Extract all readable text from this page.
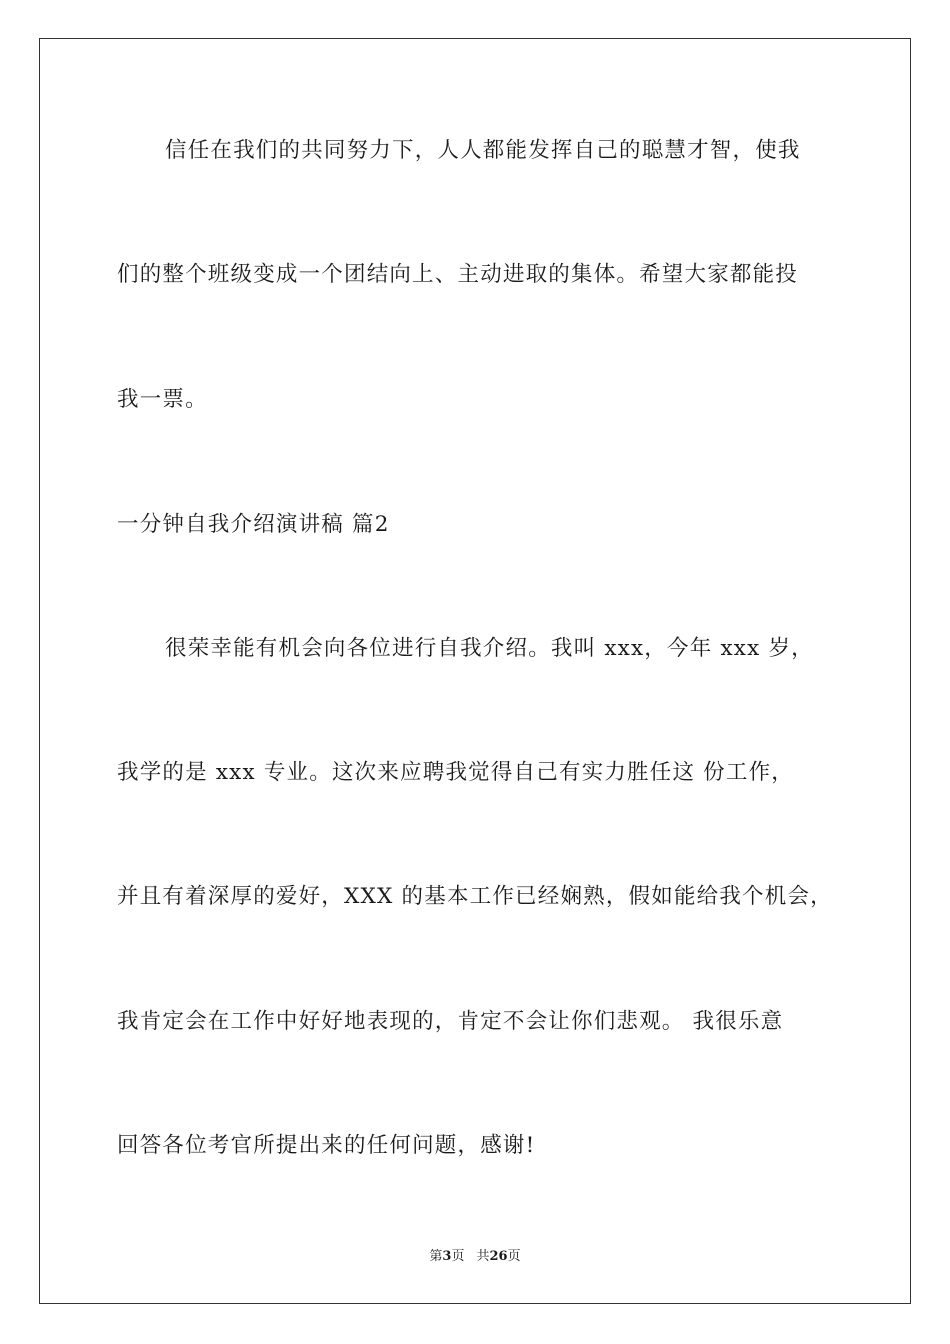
信任在我们的共同努力下，人人都能发挥自己的聪慧才智，使我
们的整个班级变成一个团结向上、主动进取的集体。希望大家都能投
我一票。
一分钟自我介绍演讲稿 篇2
很荣幸能有机会向各位进行自我介绍。我叫 xxx，今年 xxx 岁，
我学的是 xxx 专业。这次来应聘我觉得自己有实力胜任这 份工作，
并且有着深厚的爱好，XXX 的基本工作已经娴熟，假如能给我个机会，
我肯定会在工作中好好地表现的，肯定不会让你们悲观。 我很乐意
回答各位考官所提出来的任何问题，感谢!
第3页 共26页
